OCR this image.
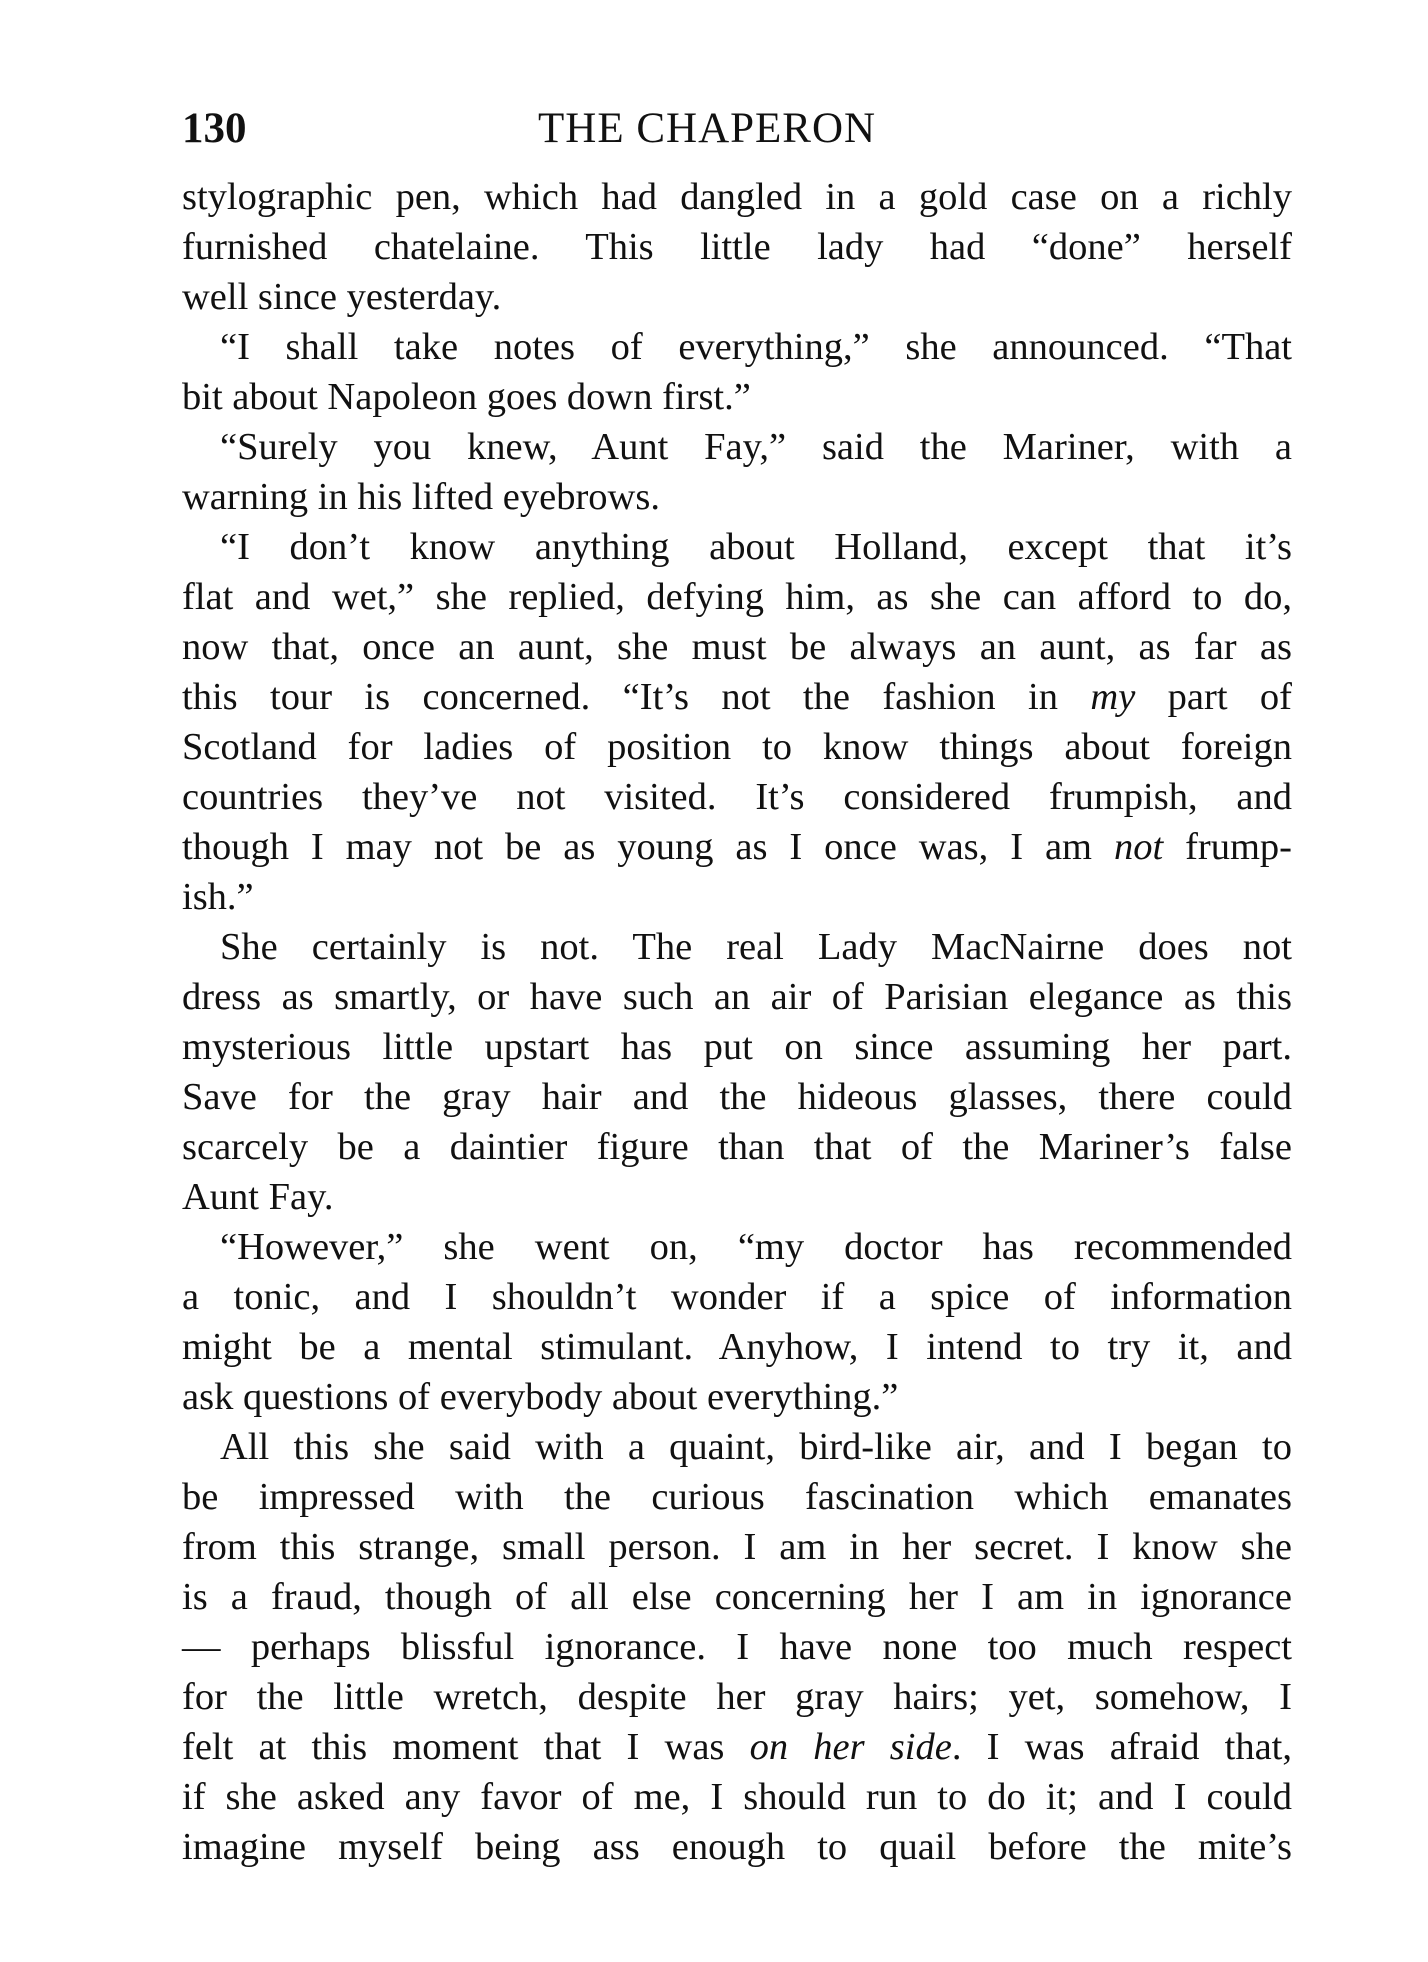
130	THE CHAPERON
stylographic pen, which had dangled in a gold case on a richly
furnished chatelaine. This little lady had “done” herself
well since yesterday.
“I shall take notes of everything,” she announced. “That
bit about Napoleon goes down first.”
“Surely you knew, Aunt Fay,” said the Mariner, with a
warning in his lifted eyebrows.
“I don’t know anything about Holland, except that it’s
flat and wet,” she replied, defying him, as she can afford to do,
now that, once an aunt, she must be always an aunt, as far as
this tour is concerned. “It’s not the fashion in my part of
Scotland for ladies of position to know things about foreign
countries they’ve not visited. It’s considered frumpish, and
though I may not be as young as I once was, I am not frump-
ish.”
She certainly is not. The real Lady MacNairne does not
dress as smartly, or have such an air of Parisian elegance as this
mysterious little upstart has put on since assuming her part.
Save for the gray hair and the hideous glasses, there could
scarcely be a daintier figure than that of the Mariner’s false
Aunt Fay.
“However,” she went on, “my doctor has recommended
a tonic, and I shouldn’t wonder if a spice of information
might be a mental stimulant. Anyhow, I intend to try it, and
ask questions of everybody about everything.”
All this she said with a quaint, bird-like air, and I began to
be impressed with the curious fascination which emanates
from this strange, small person. I am in her secret. I know she
is a fraud, though of all else concerning her I am in ignorance
— perhaps blissful ignorance. I have none too much respect
for the little wretch, despite her gray hairs; yet, somehow, I
felt at this moment that I was on her side. I was afraid that,
if she asked any favor of me, I should run to do it; and I could
imagine myself being ass enough to quail before the mite’s
